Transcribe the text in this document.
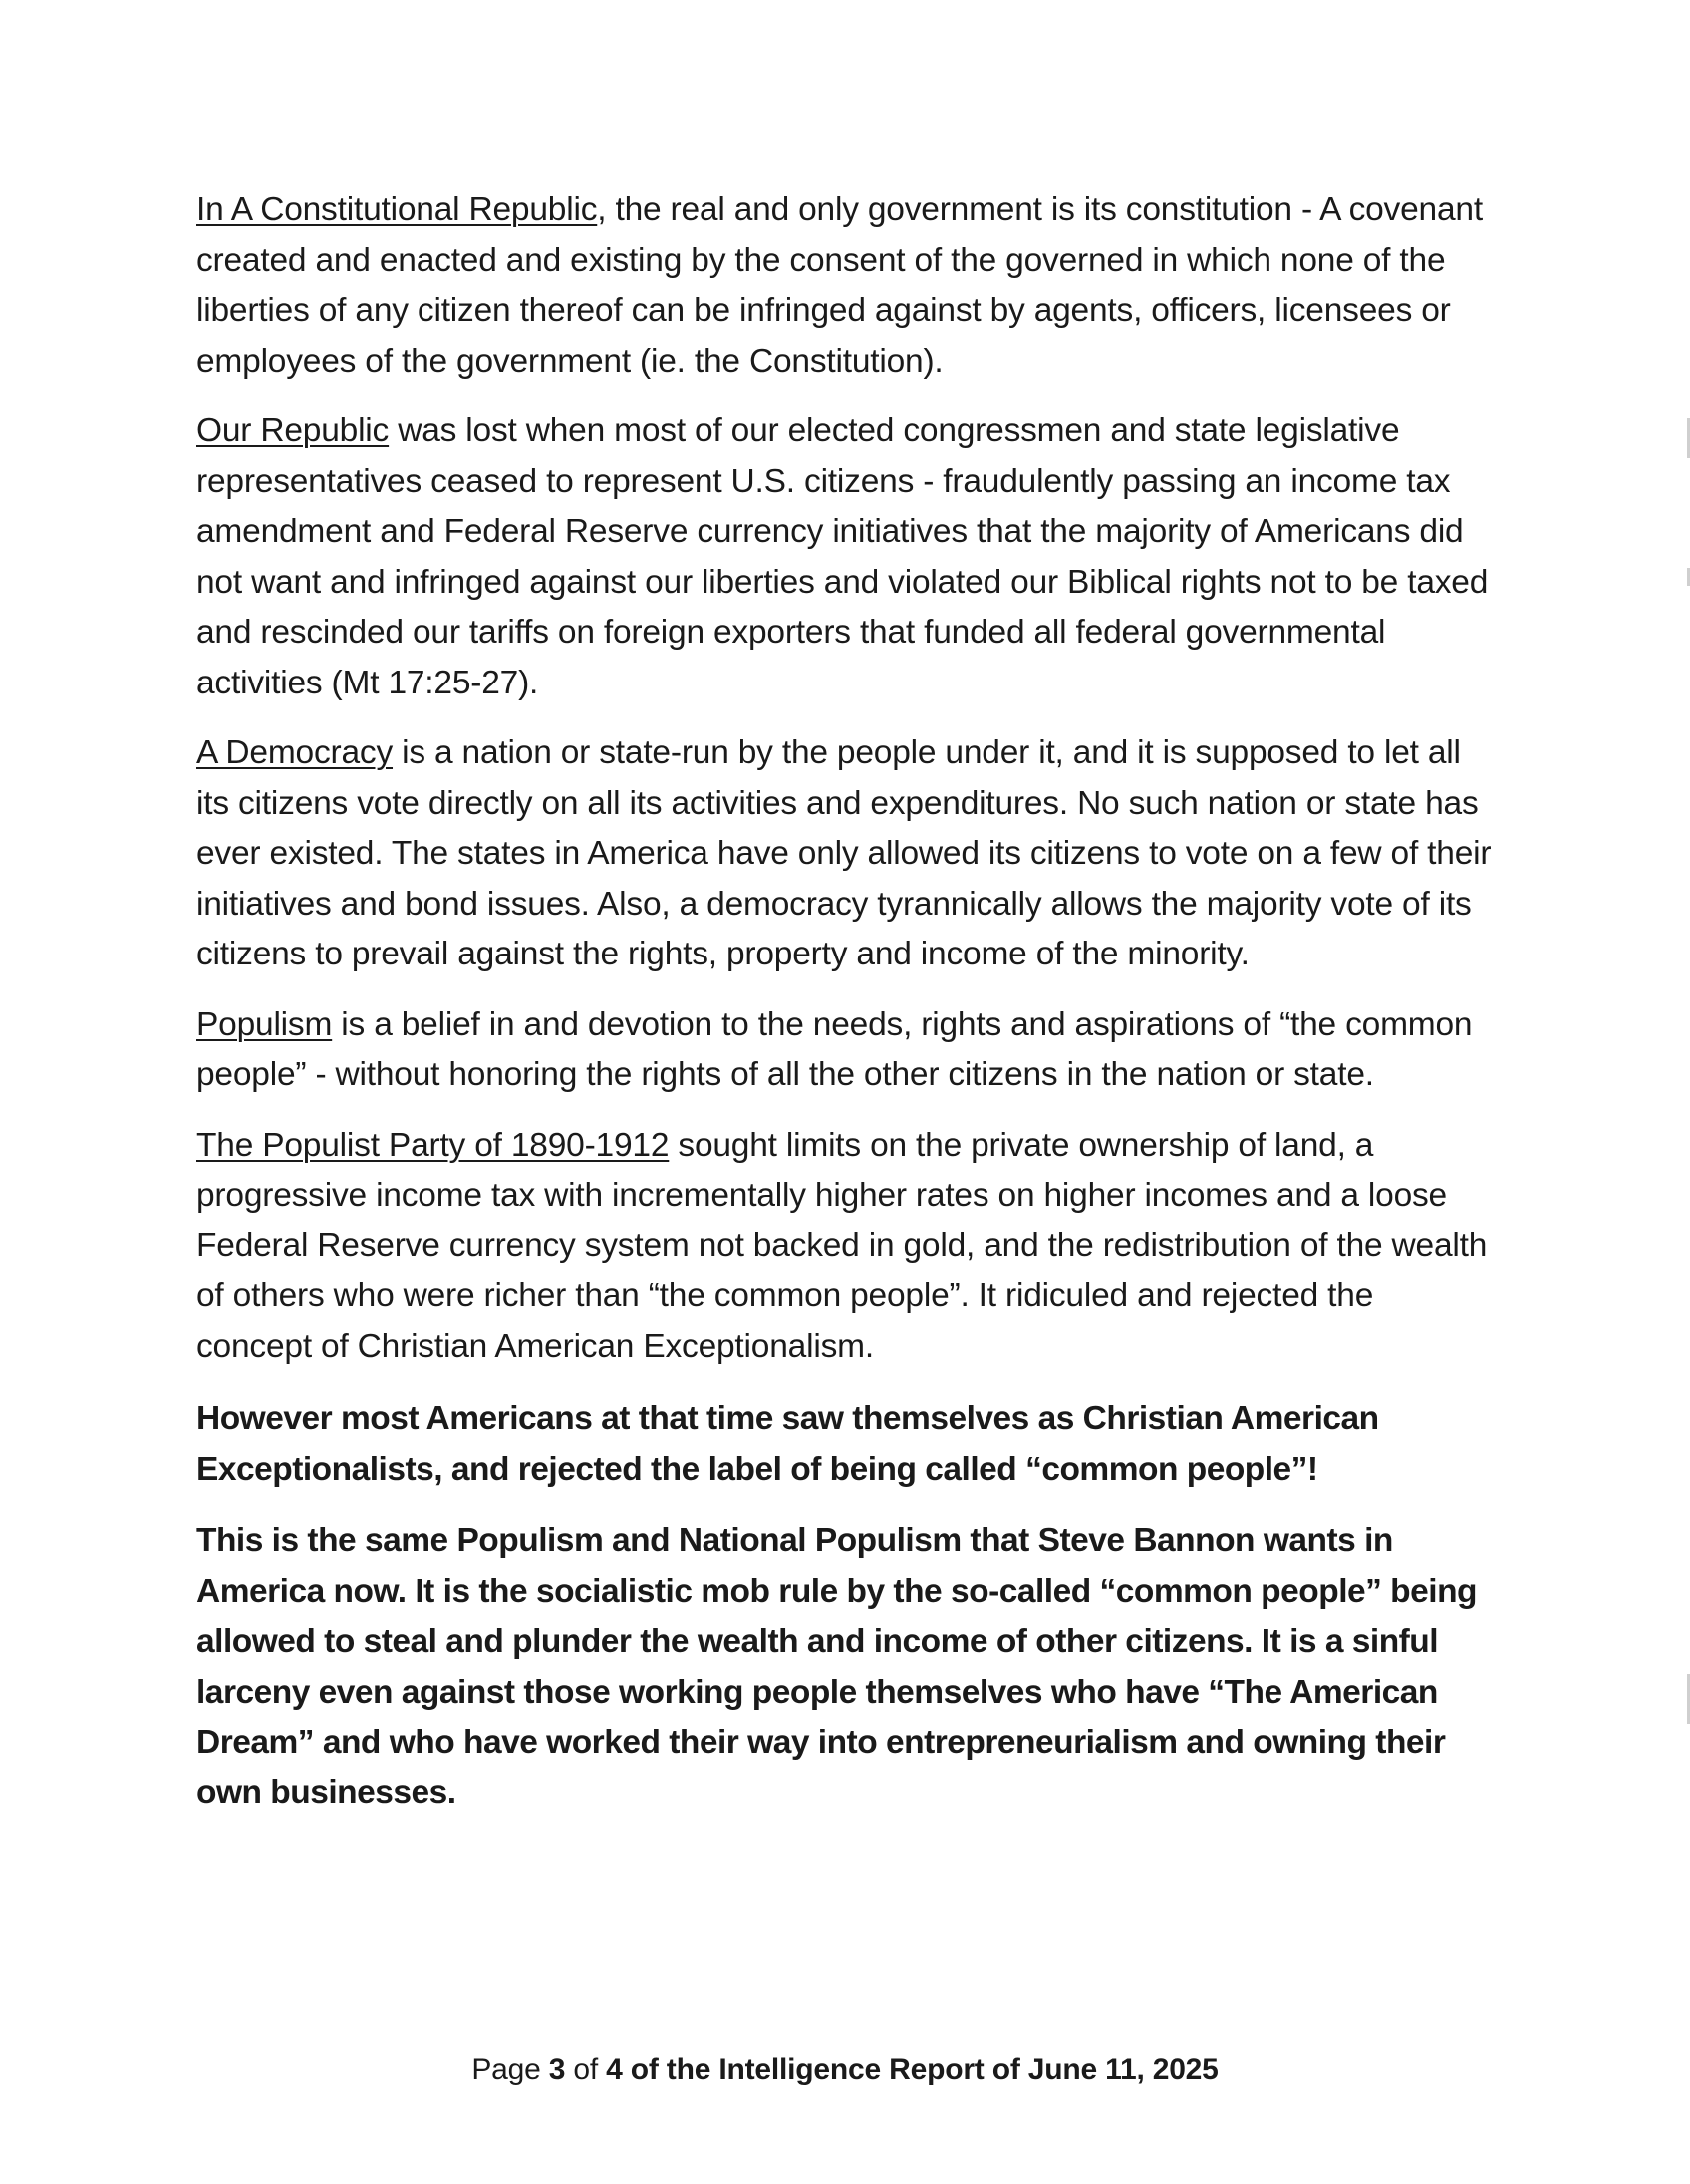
In A Constitutional Republic, the real and only government is its constitution - A covenant created and enacted and existing by the consent of the governed in which none of the liberties of any citizen thereof can be infringed against by agents, officers, licensees or employees of the government (ie. the Constitution).

Our Republic was lost when most of our elected congressmen and state legislative representatives ceased to represent U.S. citizens - fraudulently passing an income tax amendment and Federal Reserve currency initiatives that the majority of Americans did not want and infringed against our liberties and violated our Biblical rights not to be taxed and rescinded our tariffs on foreign exporters that funded all federal governmental activities (Mt 17:25-27).

A Democracy is a nation or state-run by the people under it, and it is supposed to let all its citizens vote directly on all its activities and expenditures. No such nation or state has ever existed. The states in America have only allowed its citizens to vote on a few of their initiatives and bond issues. Also, a democracy tyrannically allows the majority vote of its citizens to prevail against the rights, property and income of the minority.

Populism is a belief in and devotion to the needs, rights and aspirations of “the common people” - without honoring the rights of all the other citizens in the nation or state.

The Populist Party of 1890-1912 sought limits on the private ownership of land, a progressive income tax with incrementally higher rates on higher incomes and a loose Federal Reserve currency system not backed in gold, and the redistribution of the wealth of others who were richer than “the common people”. It ridiculed and rejected the concept of Christian American Exceptionalism.

However most Americans at that time saw themselves as Christian American Exceptionalists, and rejected the label of being called “common people”!

This is the same Populism and National Populism that Steve Bannon wants in America now. It is the socialistic mob rule by the so-called “common people” being allowed to steal and plunder the wealth and income of other citizens. It is a sinful larceny even against those working people themselves who have “The American Dream” and who have worked their way into entrepreneurialism and owning their own businesses.

Page 3 of 4 of the Intelligence Report of June 11, 2025
